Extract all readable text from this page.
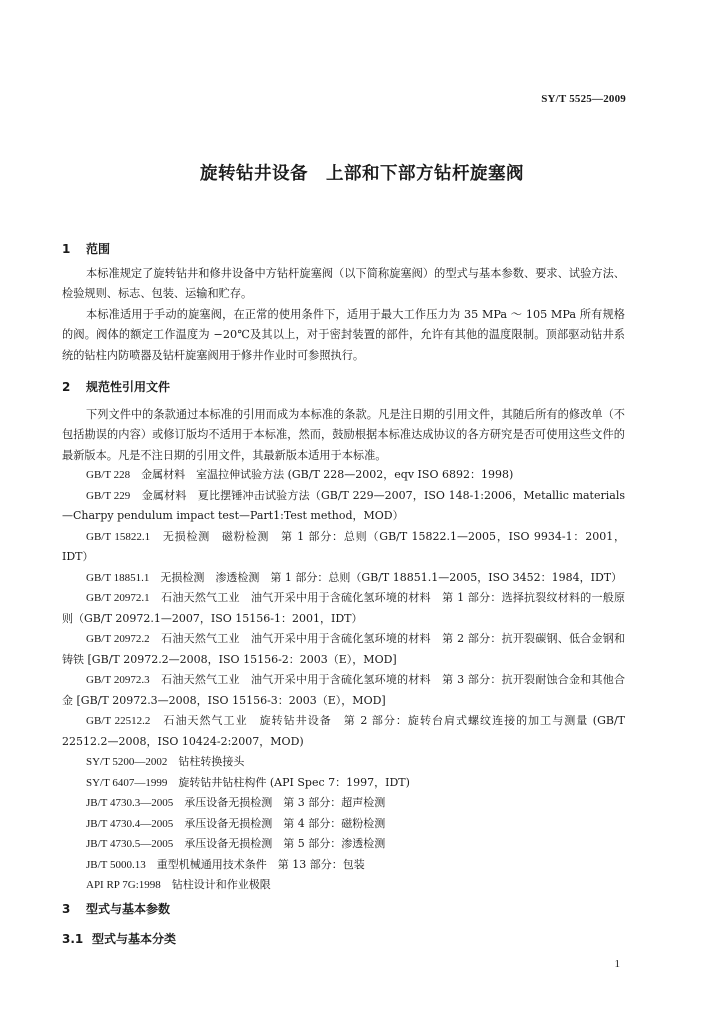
SY/T 5525—2009
旋转钻井设备　上部和下部方钻杆旋塞阀
1 范围
本标准规定了旋转钻井和修井设备中方钻杆旋塞阀（以下简称旋塞阀）的型式与基本参数、要求、试验方法、检验规则、标志、包装、运输和贮存。
本标准适用于手动的旋塞阀，在正常的使用条件下，适用于最大工作压力为 35 MPa ～ 105 MPa 所有规格的阀。阀体的额定工作温度为 −20℃及其以上，对于密封装置的部件，允许有其他的温度限制。顶部驱动钻井系统的钻柱内防喷器及钻杆旋塞阀用于修井作业时可参照执行。
2 规范性引用文件
下列文件中的条款通过本标准的引用而成为本标准的条款。凡是注日期的引用文件，其随后所有的修改单（不包括勘误的内容）或修订版均不适用于本标准，然而，鼓励根据本标准达成协议的各方研究是否可使用这些文件的最新版本。凡是不注日期的引用文件，其最新版本适用于本标准。
GB/T 228　金属材料　室温拉伸试验方法 (GB/T 228—2002，eqv ISO 6892：1998)
GB/T 229　金属材料　夏比摆锤冲击试验方法（GB/T 229—2007，ISO 148-1:2006，Metallic materials—Charpy pendulum impact test—Part1:Test method，MOD）
GB/T 15822.1　无损检测　磁粉检测　第 1 部分：总则（GB/T 15822.1—2005，ISO 9934-1：2001，IDT）
GB/T 18851.1　无损检测　渗透检测　第 1 部分：总则（GB/T 18851.1—2005，ISO 3452：1984，IDT）
GB/T 20972.1　石油天然气工业　油气开采中用于含硫化氢环境的材料　第 1 部分：选择抗裂纹材料的一般原则（GB/T 20972.1—2007，ISO 15156-1：2001，IDT）
GB/T 20972.2　石油天然气工业　油气开采中用于含硫化氢环境的材料　第 2 部分：抗开裂碳钢、低合金钢和铸铁 [GB/T 20972.2—2008，ISO 15156-2：2003（E），MOD]
GB/T 20972.3　石油天然气工业　油气开采中用于含硫化氢环境的材料　第 3 部分：抗开裂耐蚀合金和其他合金 [GB/T 20972.3—2008，ISO 15156-3：2003（E），MOD]
GB/T 22512.2　石油天然气工业　旋转钻井设备　第 2 部分：旋转台肩式螺纹连接的加工与测量 (GB/T 22512.2—2008，ISO 10424-2:2007，MOD)
SY/T 5200—2002　钻柱转换接头
SY/T 6407—1999　旋转钻井钻柱构件 (API Spec 7：1997，IDT)
JB/T 4730.3—2005　承压设备无损检测　第 3 部分：超声检测
JB/T 4730.4—2005　承压设备无损检测　第 4 部分：磁粉检测
JB/T 4730.5—2005　承压设备无损检测　第 5 部分：渗透检测
JB/T 5000.13　重型机械通用技术条件　第 13 部分：包装
API RP 7G:1998　钻柱设计和作业极限
3 型式与基本参数
3.1 型式与基本分类
1
